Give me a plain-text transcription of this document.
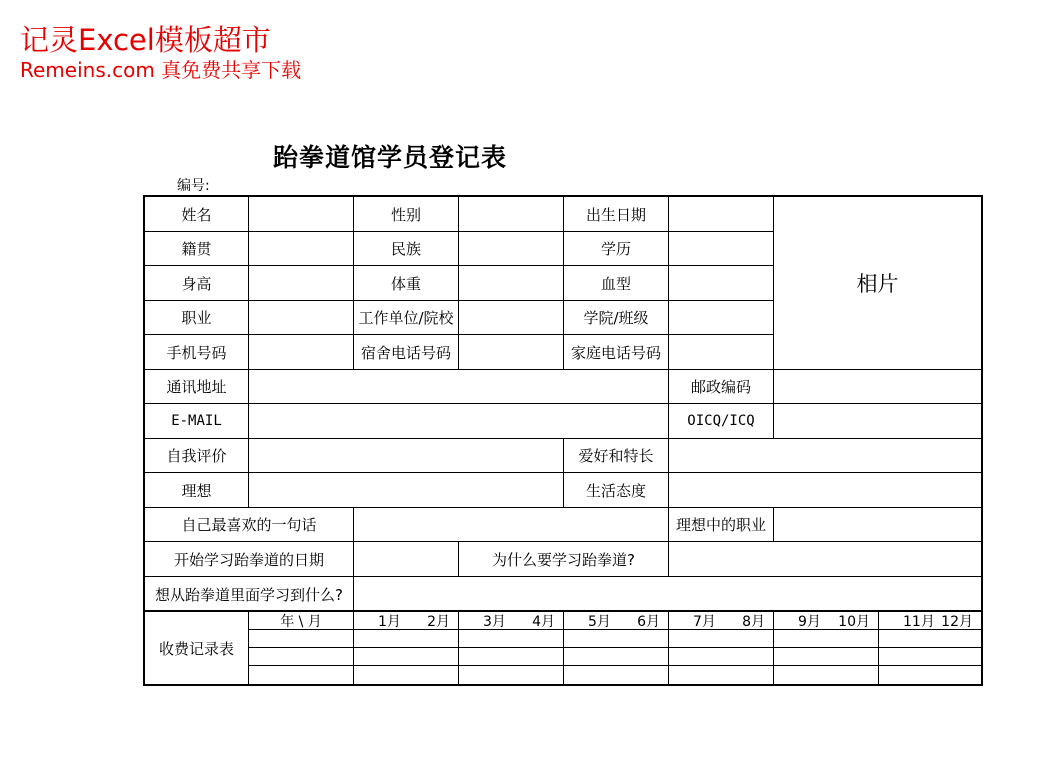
记灵Excel模板超市
Remeins.com 真免费共享下载
跆拳道馆学员登记表
编号:
姓名	性别	出生日期
相片
籍贯	民族	学历
身高	体重	血型
职业	工作单位/院校	学院/班级
手机号码	宿舍电话号码	家庭电话号码
通讯地址	邮政编码
E-MAIL	OICQ/ICQ
自我评价	爱好和特长
理想	生活态度
自己最喜欢的一句话	理想中的职业
开始学习跆拳道的日期	为什么要学习跆拳道?
想从跆拳道里面学习到什么?
收费记录表
年 \ 月	1月 2月 3月 4月 5月 6月 7月 8月 9月 10月 11月 12月
